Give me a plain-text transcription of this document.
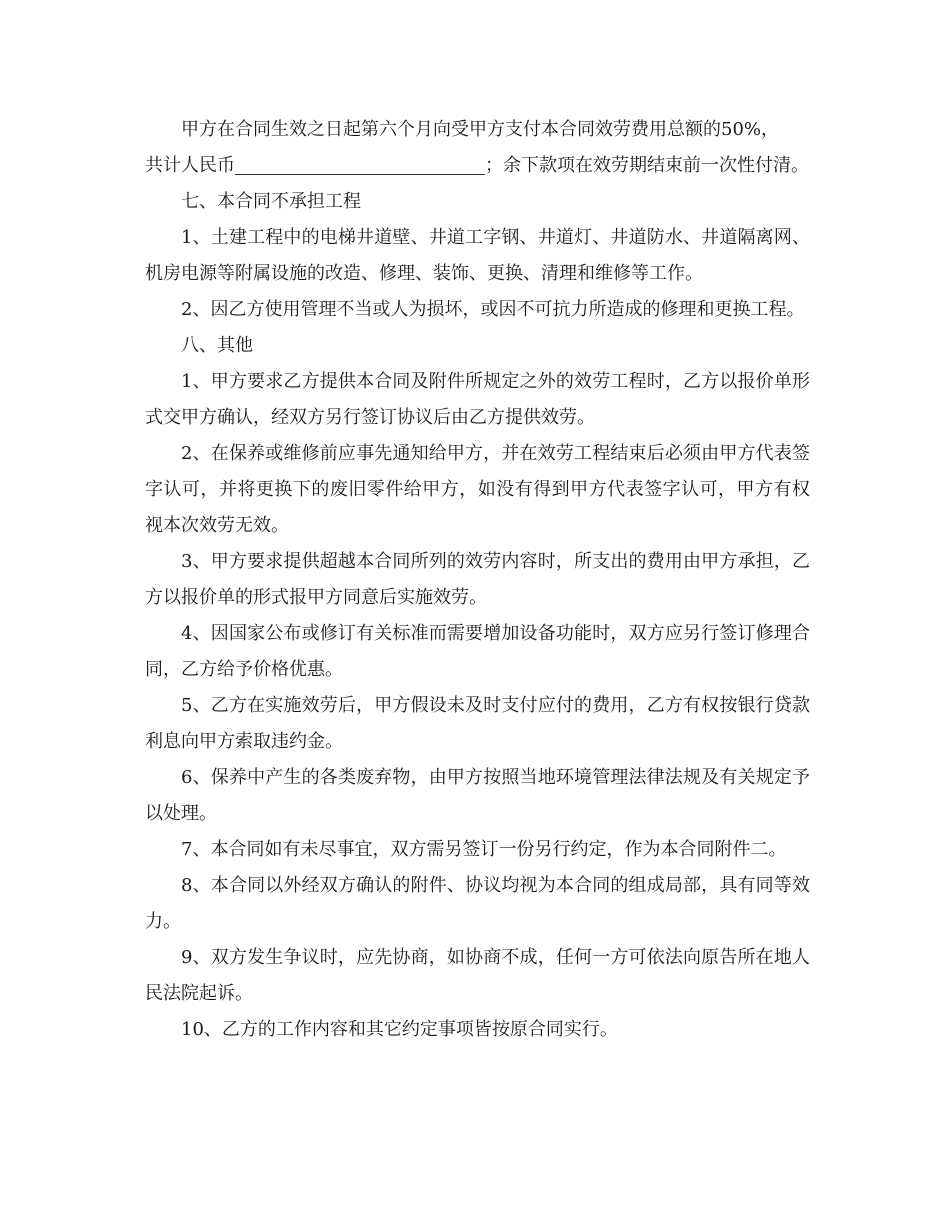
甲方在合同生效之日起第六个月向受甲方支付本合同效劳费用总额的50%，
共计人民币	；余下款项在效劳期结束前一次性付清。

七、本合同不承担工程

1、土建工程中的电梯井道壁、井道工字钢、井道灯、井道防水、井道隔离网、机房电源等附属设施的改造、修理、装饰、更换、清理和维修等工作。

2、因乙方使用管理不当或人为损坏，或因不可抗力所造成的修理和更换工程。

八、其他

1、甲方要求乙方提供本合同及附件所规定之外的效劳工程时，乙方以报价单形式交甲方确认，经双方另行签订协议后由乙方提供效劳。

2、在保养或维修前应事先通知给甲方，并在效劳工程结束后必须由甲方代表签字认可，并将更换下的废旧零件给甲方，如没有得到甲方代表签字认可，甲方有权视本次效劳无效。

3、甲方要求提供超越本合同所列的效劳内容时，所支出的费用由甲方承担，乙方以报价单的形式报甲方同意后实施效劳。

4、因国家公布或修订有关标准而需要增加设备功能时，双方应另行签订修理合同，乙方给予价格优惠。

5、乙方在实施效劳后，甲方假设未及时支付应付的费用，乙方有权按银行贷款利息向甲方索取违约金。

6、保养中产生的各类废弃物，由甲方按照当地环境管理法律法规及有关规定予以处理。

7、本合同如有未尽事宜，双方需另签订一份另行约定，作为本合同附件二。

8、本合同以外经双方确认的附件、协议均视为本合同的组成局部，具有同等效力。

9、双方发生争议时，应先协商，如协商不成，任何一方可依法向原告所在地人民法院起诉。

10、乙方的工作内容和其它约定事项皆按原合同实行。
